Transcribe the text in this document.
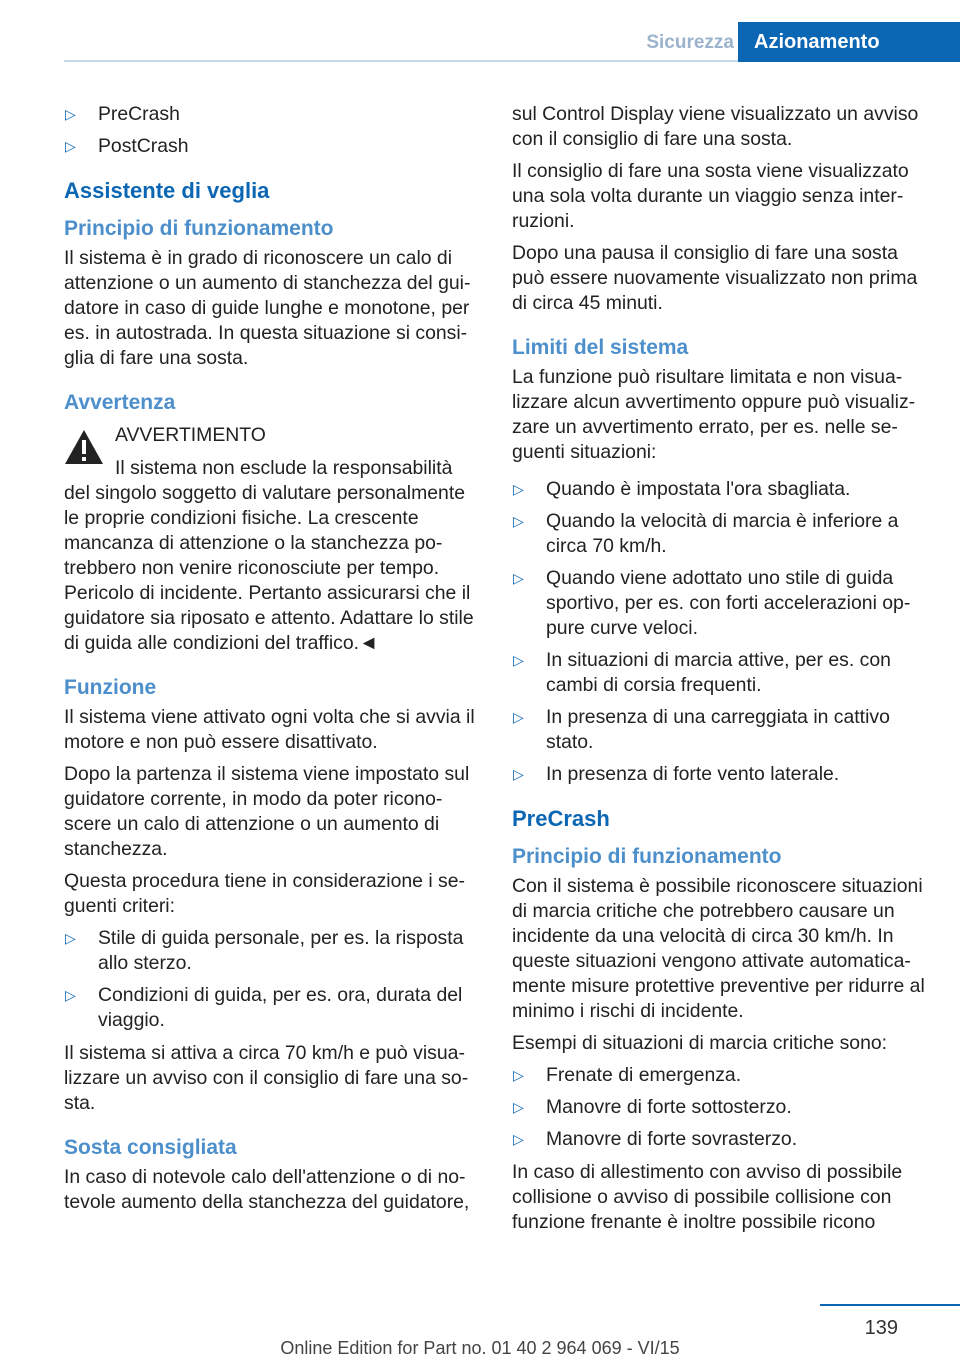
Sicurezza	Azionamento
▷ PreCrash
▷ PostCrash
Assistente di veglia
Principio di funzionamento

Il sistema è in grado di riconoscere un calo di attenzione o un aumento di stanchezza del guidatore in caso di guide lunghe e monotone, per es. in autostrada. In questa situazione si consiglia di fare una sosta.

Avvertenza
AVVERTIMENTO

Il sistema non esclude la responsabilità del singolo soggetto di valutare personalmente le proprie condizioni fisiche. La crescente mancanza di attenzione o la stanchezza potrebbero non venire riconosciute per tempo. Pericolo di incidente. Pertanto assicurarsi che il guidatore sia riposato e attento. Adattare lo stile di guida alle condizioni del traffico.◄

Funzione

Il sistema viene attivato ogni volta che si avvia il motore e non può essere disattivato.

Dopo la partenza il sistema viene impostato sul guidatore corrente, in modo da poter riconoscere un calo di attenzione o un aumento di stanchezza.

Questa procedura tiene in considerazione i seguenti criteri:

▷ Stile di guida personale, per es. la risposta allo sterzo.
▷ Condizioni di guida, per es. ora, durata del viaggio.

Il sistema si attiva a circa 70 km/h e può visualizzare un avviso con il consiglio di fare una sosta.

Sosta consigliata

In caso di notevole calo dell'attenzione o di notevole aumento della stanchezza del guidatore,

sul Control Display viene visualizzato un avviso con il consiglio di fare una sosta.

Il consiglio di fare una sosta viene visualizzato una sola volta durante un viaggio senza interruzioni.

Dopo una pausa il consiglio di fare una sosta può essere nuovamente visualizzato non prima di circa 45 minuti.

Limiti del sistema

La funzione può risultare limitata e non visualizzare alcun avvertimento oppure può visualizzare un avvertimento errato, per es. nelle seguenti situazioni:

▷ Quando è impostata l'ora sbagliata.
▷ Quando la velocità di marcia è inferiore a circa 70 km/h.
▷ Quando viene adottato uno stile di guida sportivo, per es. con forti accelerazioni oppure curve veloci.
▷ In situazioni di marcia attive, per es. con cambi di corsia frequenti.
▷ In presenza di una carreggiata in cattivo stato.
▷ In presenza di forte vento laterale.
PreCrash
Principio di funzionamento

Con il sistema è possibile riconoscere situazioni di marcia critiche che potrebbero causare un incidente da una velocità di circa 30 km/h. In queste situazioni vengono attivate automaticamente misure protettive preventive per ridurre al minimo i rischi di incidente.

Esempi di situazioni di marcia critiche sono:

▷ Frenate di emergenza.
▷ Manovre di forte sottosterzo.
▷ Manovre di forte sovrasterzo.

In caso di allestimento con avviso di possibile collisione o avviso di possibile collisione con funzione frenante è inoltre possibile ricono

139
Online Edition for Part no. 01 40 2 964 069 - VI/15
